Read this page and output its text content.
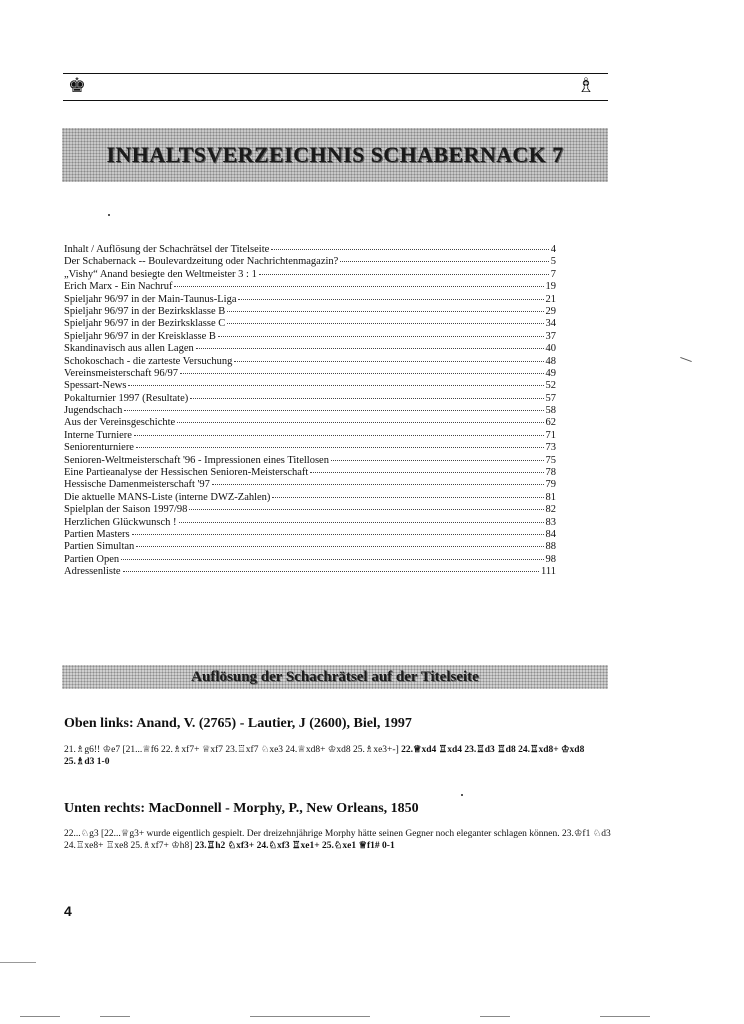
♚	♗
INHALTSVERZEICHNIS SCHABERNACK 7
Inhalt / Auflösung der Schachrätsel der Titelseite	4
Der Schabernack -- Boulevardzeitung oder Nachrichtenmagazin?	5
„Vishy“ Anand besiegte den Weltmeister 3 : 1	7
Erich Marx - Ein Nachruf	19
Spieljahr 96/97 in der Main-Taunus-Liga	21
Spieljahr 96/97 in der Bezirksklasse B	29
Spieljahr 96/97 in der Bezirksklasse C	34
Spieljahr 96/97 in der Kreisklasse B	37
Skandinavisch aus allen Lagen	40
Schokoschach - die zarteste Versuchung	48
Vereinsmeisterschaft 96/97	49
Spessart-News	52
Pokalturnier 1997 (Resultate)	57
Jugendschach	58
Aus der Vereinsgeschichte	62
Interne Turniere	71
Seniorenturniere	73
Senioren-Weltmeisterschaft '96 - Impressionen eines Titellosen	75
Eine Partieanalyse der Hessischen Senioren-Meisterschaft	78
Hessische Damenmeisterschaft '97	79
Die aktuelle MANS-Liste (interne DWZ-Zahlen)	81
Spielplan der Saison 1997/98	82
Herzlichen Glückwunsch !	83
Partien Masters	84
Partien Simultan	88
Partien Open	98
Adressenliste	111
Auflösung der Schachrätsel auf der Titelseite

Oben links: Anand, V. (2765) - Lautier, J (2600), Biel, 1997

21.♗g6!! ♔e7 [21...♕f6 22.♗xf7+ ♕xf7 23.♖xf7 ♘xe3 24.♕xd8+ ♔xd8 25.♗xe3+-] 22.♕xd4 ♖xd4 23.♖d3 ♖d8 24.♖xd8+ ♔xd8 25.♗d3 1-0

Unten rechts: MacDonnell - Morphy, P., New Orleans, 1850

22...♘g3 [22...♕g3+ wurde eigentlich gespielt. Der dreizehnjährige Morphy hätte seinen Gegner noch eleganter schlagen können. 23.♔f1 ♘d3 24.♖xe8+ ♖xe8 25.♗xf7+ ♔h8] 23.♖h2 ♘xf3+ 24.♘xf3 ♖xe1+ 25.♘xe1 ♕f1# 0-1

4
